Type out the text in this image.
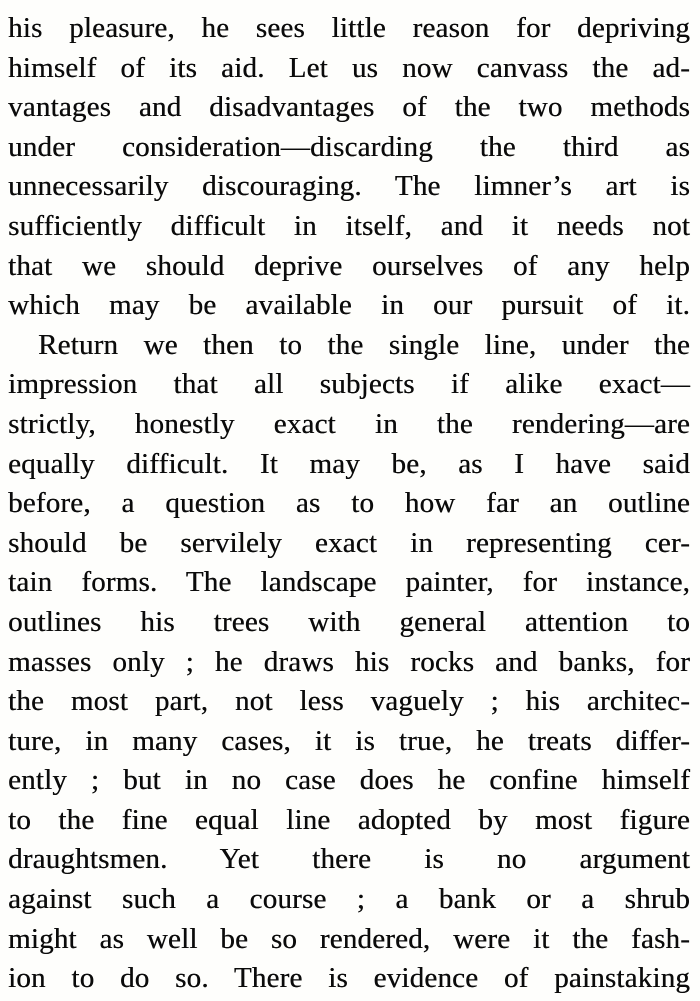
his pleasure, he sees little reason for depriving
himself of its aid. Let us now canvass the ad-
vantages and disadvantages of the two methods
under consideration—discarding the third as
unnecessarily discouraging. The limner’s art is
sufficiently difficult in itself, and it needs not
that we should deprive ourselves of any help
which may be available in our pursuit of it.
Return we then to the single line, under the
impression that all subjects if alike exact—
strictly, honestly exact in the rendering—are
equally difficult. It may be, as I have said
before, a question as to how far an outline
should be servilely exact in representing cer-
tain forms. The landscape painter, for instance,
outlines his trees with general attention to
masses only ; he draws his rocks and banks, for
the most part, not less vaguely ; his architec-
ture, in many cases, it is true, he treats differ-
ently ; but in no case does he confine himself
to the fine equal line adopted by most figure
draughtsmen. Yet there is no argument
against such a course ; a bank or a shrub
might as well be so rendered, were it the fash-
ion to do so. There is evidence of painstaking
